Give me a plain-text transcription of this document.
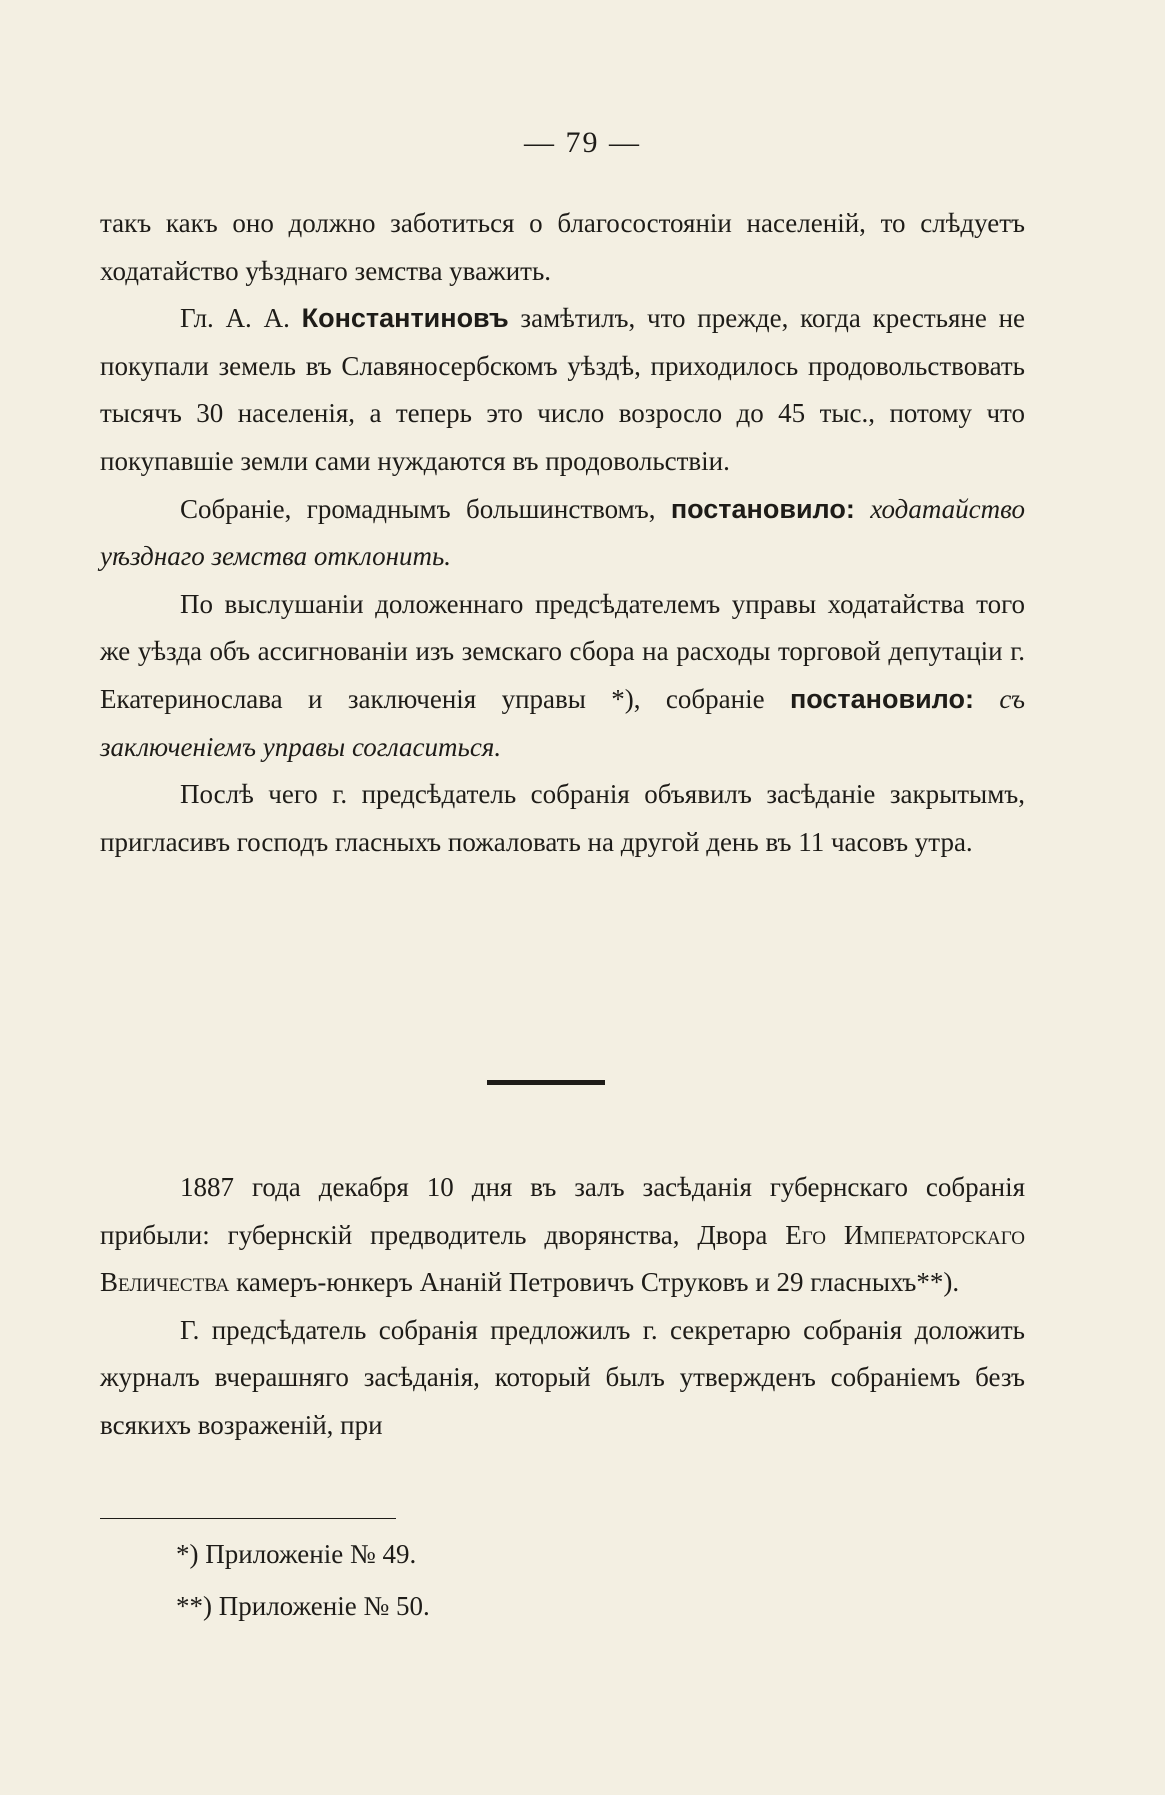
— 79 —

такъ какъ оно должно заботиться о благосостояніи населеній, то слѣдуетъ ходатайство уѣзднаго земства уважить.

Гл. А. А. Константиновъ замѣтилъ, что прежде, когда крестьяне не покупали земель въ Славяносербскомъ уѣздѣ, приходилось продовольствовать тысячъ 30 населенія, а теперь это число возросло до 45 тыс., потому что покупавшіе земли сами нуждаются въ продовольствіи.

Собраніе, громаднымъ большинствомъ, постановило: ходатайство уѣзднаго земства отклонить.

По выслушаніи доложеннаго предсѣдателемъ управы ходатайства того же уѣзда объ ассигнованіи изъ земскаго сбора на расходы торговой депутаціи г. Екатеринослава и заключенія управы *), собраніе постановило: съ заключеніемъ управы согласиться.

Послѣ чего г. предсѣдатель собранія объявилъ засѣданіе закрытымъ, пригласивъ господъ гласныхъ пожаловать на другой день въ 11 часовъ утра.

1887 года декабря 10 дня въ залъ засѣданія губернскаго собранія прибыли: губернскій предводитель дворянства, Двора Его Императорскаго Величества камеръ-юнкеръ Ананій Петровичъ Струковъ и 29 гласныхъ**).

Г. предсѣдатель собранія предложилъ г. секретарю собранія доложить журналъ вчерашняго засѣданія, который былъ утвержденъ собраніемъ безъ всякихъ возраженій, при

*) Приложеніе № 49.
**) Приложеніе № 50.
